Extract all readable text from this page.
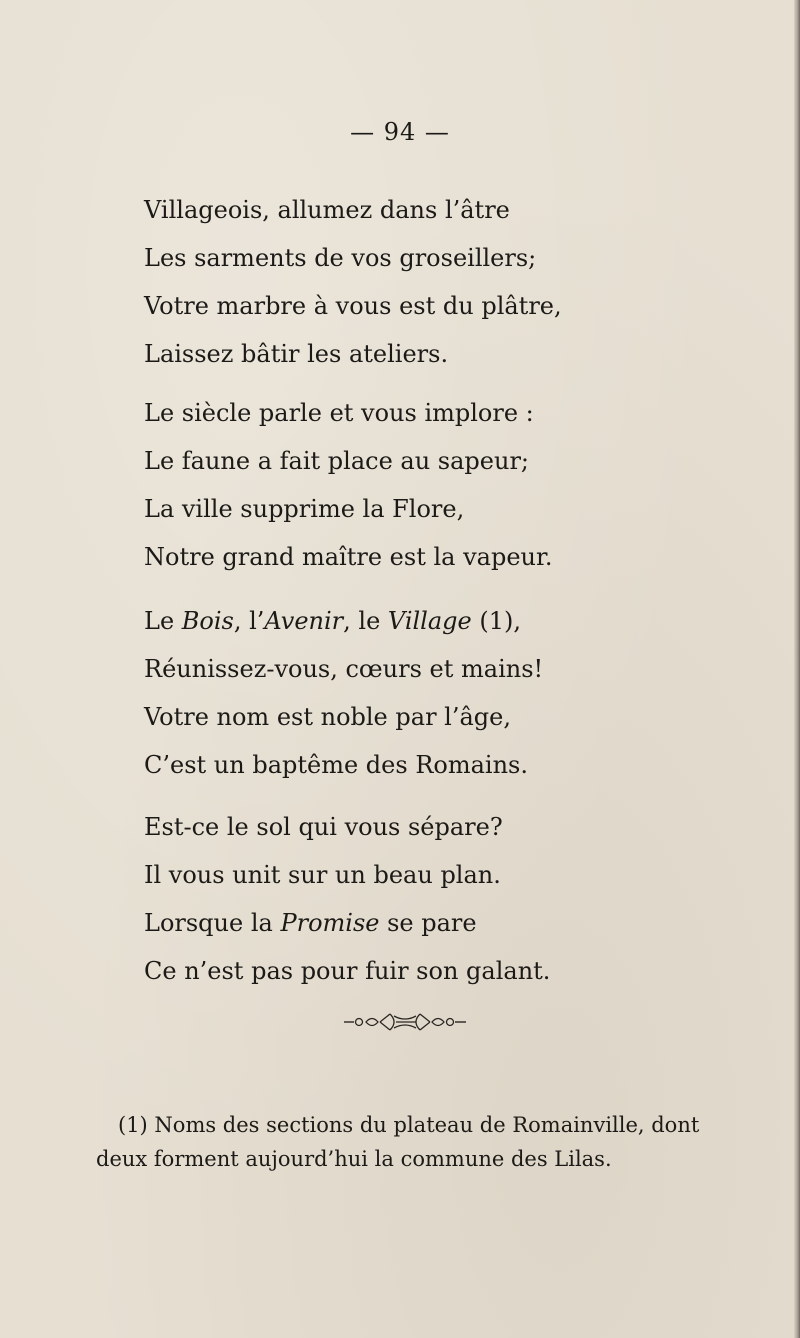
— 94 —
Villageois, allumez dans l’âtre
Les sarments de vos groseillers;
Votre marbre à vous est du plâtre,
Laissez bâtir les ateliers.
Le siècle parle et vous implore :
Le faune a fait place au sapeur;
La ville supprime la Flore,
Notre grand maître est la vapeur.
Le Bois, l’Avenir, le Village (1),
Réunissez-vous, cœurs et mains!
Votre nom est noble par l’âge,
C’est un baptême des Romains.
Est-ce le sol qui vous sépare?
Il vous unit sur un beau plan.
Lorsque la Promise se pare
Ce n’est pas pour fuir son galant.
(1) Noms des sections du plateau de Romainville, dont
deux forment aujourd’hui la commune des Lilas.
